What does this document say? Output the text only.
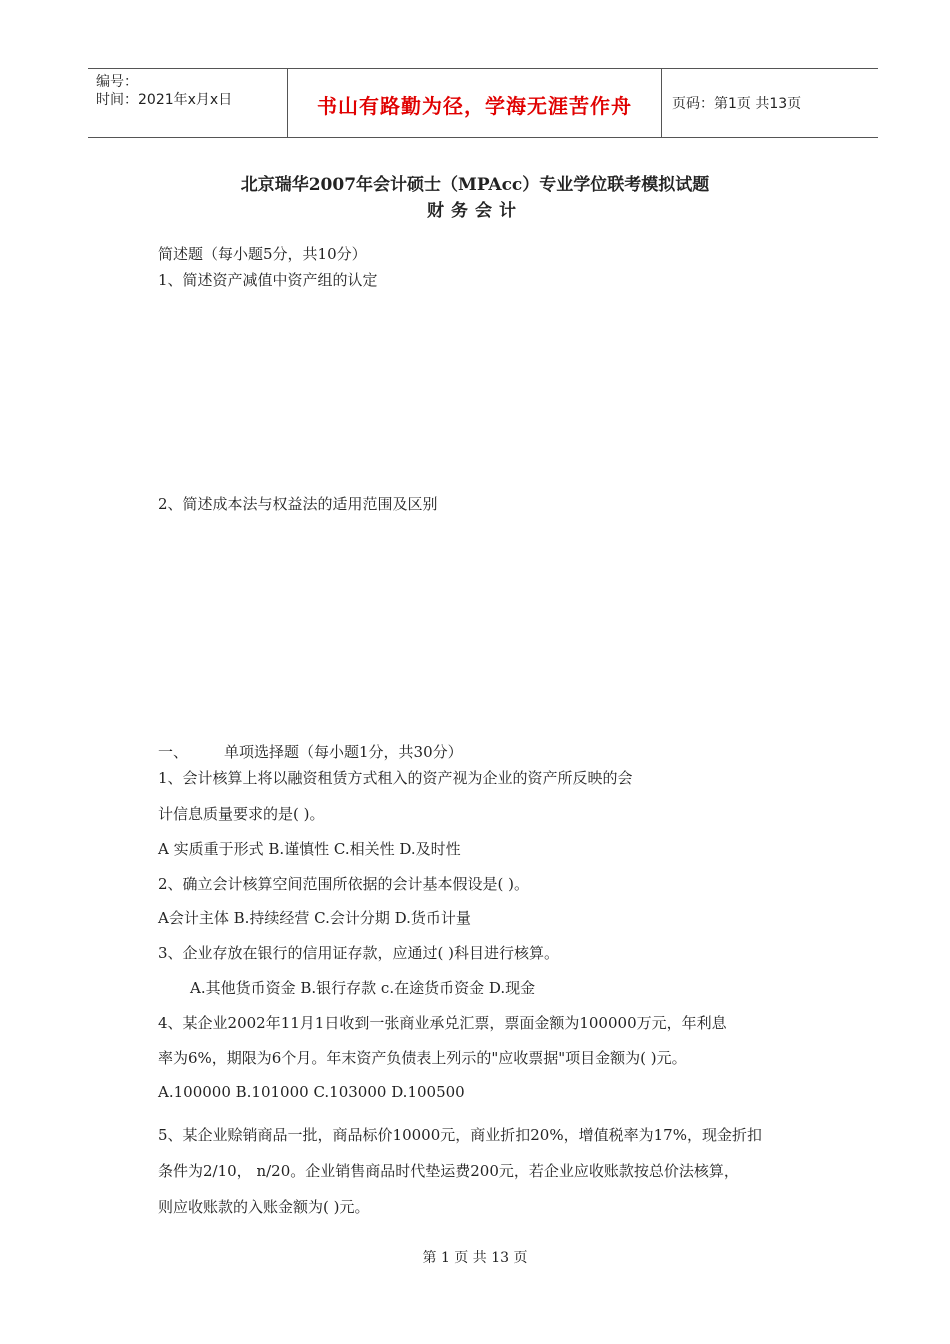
编号：
时间：2021年x月x日	书山有路勤为径，学海无涯苦作舟	页码：第1页 共13页
北京瑞华2007年会计硕士（MPAcc）专业学位联考模拟试题
财务会计
简述题（每小题5分，共10分）
1、简述资产减值中资产组的认定
2、简述成本法与权益法的适用范围及区别
一、 单项选择题（每小题1分，共30分）
1、会计核算上将以融资租赁方式租入的资产视为企业的资产所反映的会
计信息质量要求的是( )。
A 实质重于形式 B.谨慎性 C.相关性 D.及时性
2、确立会计核算空间范围所依据的会计基本假设是( )。
A会计主体 B.持续经营 C.会计分期 D.货币计量
3、企业存放在银行的信用证存款，应通过( )科目进行核算。
A.其他货币资金 B.银行存款 c.在途货币资金 D.现金
4、某企业2002年11月1日收到一张商业承兑汇票，票面金额为100000万元，年利息
率为6%，期限为6个月。年末资产负债表上列示的"应收票据"项目金额为( )元。
A.100000 B.101000 C.103000 D.100500
5、某企业赊销商品一批，商品标价10000元，商业折扣20%，增值税率为17%，现金折扣
条件为2/10， n/20。企业销售商品时代垫运费200元，若企业应收账款按总价法核算，
则应收账款的入账金额为( )元。
第 1 页 共 13 页
